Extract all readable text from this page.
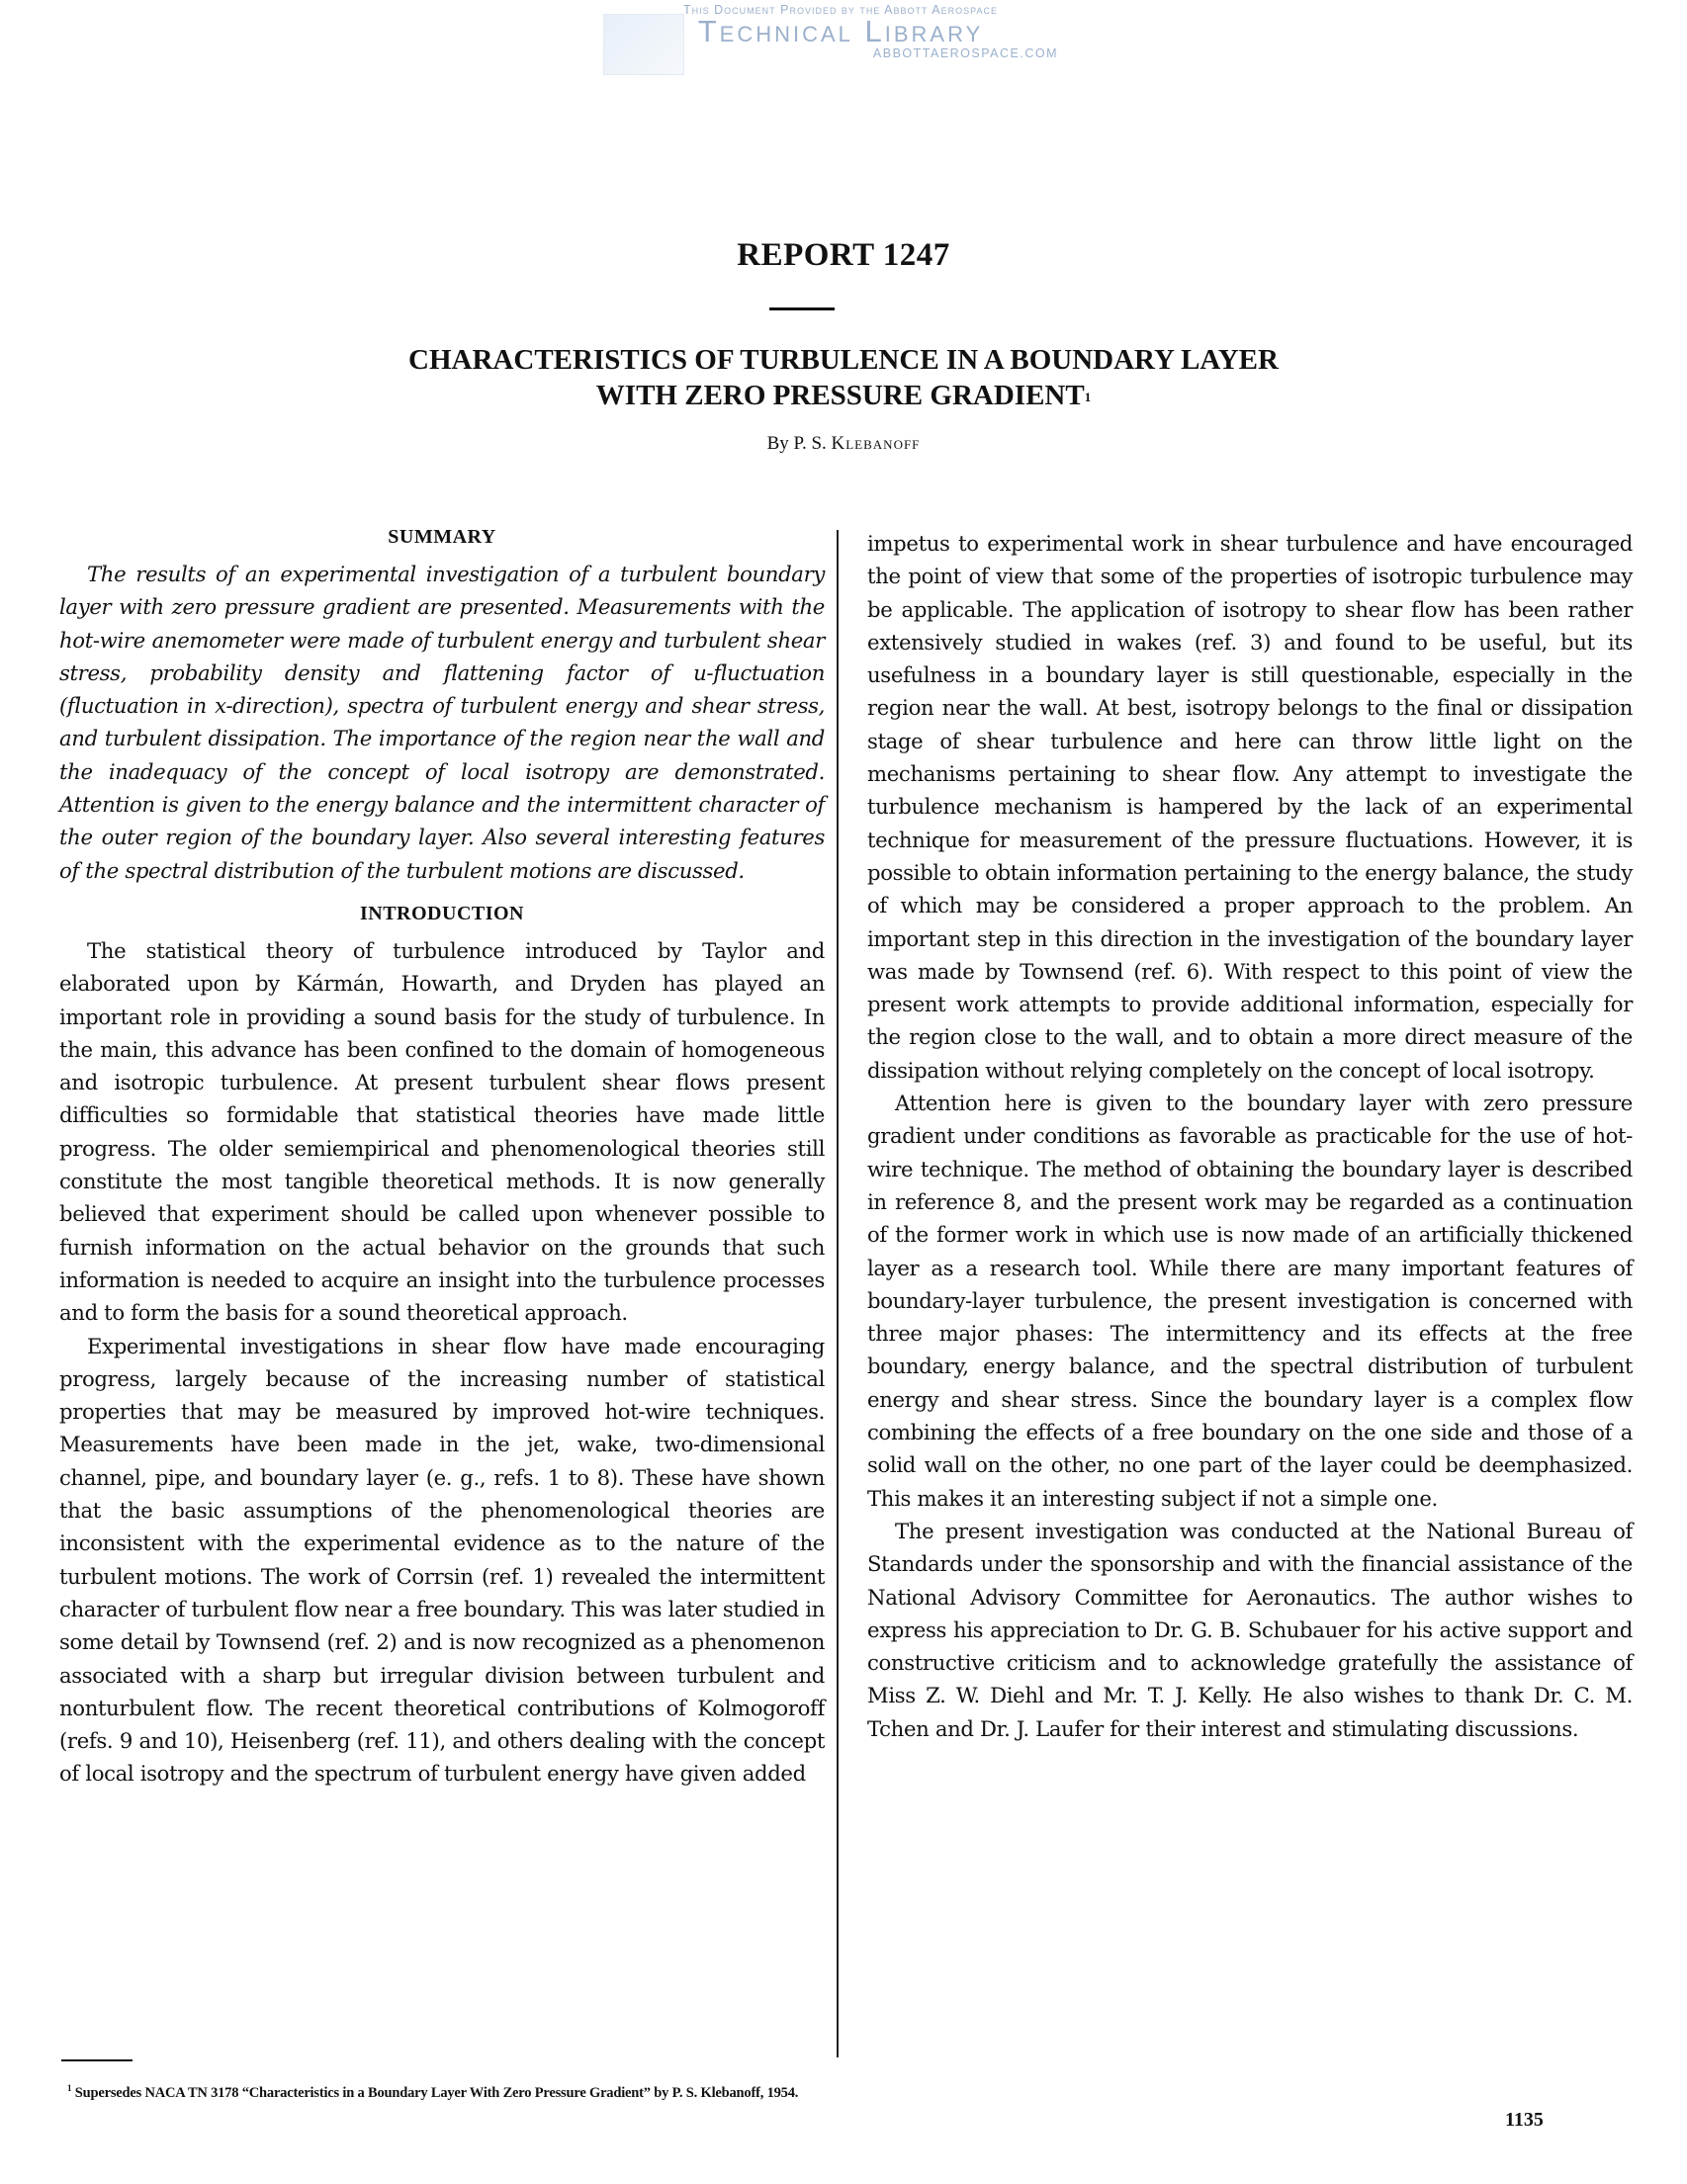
This Document Provided by the Abbott Aerospace
Technical Library
ABBOTTAEROSPACE.COM
REPORT 1247
CHARACTERISTICS OF TURBULENCE IN A BOUNDARY LAYER
WITH ZERO PRESSURE GRADIENT$^1$
By P. S. Klebanoff
SUMMARY

The results of an experimental investigation of a turbulent boundary layer with zero pressure gradient are presented. Measurements with the hot-wire anemometer were made of turbulent energy and turbulent shear stress, probability density and flattening factor of u-fluctuation (fluctuation in x-direction), spectra of turbulent energy and shear stress, and turbulent dissipation. The importance of the region near the wall and the inadequacy of the concept of local isotropy are demonstrated. Attention is given to the energy balance and the intermittent character of the outer region of the boundary layer. Also several interesting features of the spectral distribution of the turbulent motions are discussed.

INTRODUCTION

The statistical theory of turbulence introduced by Taylor and elaborated upon by Kármán, Howarth, and Dryden has played an important role in providing a sound basis for the study of turbulence. In the main, this advance has been confined to the domain of homogeneous and isotropic turbulence. At present turbulent shear flows present difficulties so formidable that statistical theories have made little progress. The older semiempirical and phenomenological theories still constitute the most tangible theoretical methods. It is now generally believed that experiment should be called upon whenever possible to furnish information on the actual behavior on the grounds that such information is needed to acquire an insight into the turbulence processes and to form the basis for a sound theoretical approach.

Experimental investigations in shear flow have made encouraging progress, largely because of the increasing number of statistical properties that may be measured by improved hot-wire techniques. Measurements have been made in the jet, wake, two-dimensional channel, pipe, and boundary layer (e. g., refs. 1 to 8). These have shown that the basic assumptions of the phenomenological theories are inconsistent with the experimental evidence as to the nature of the turbulent motions. The work of Corrsin (ref. 1) revealed the intermittent character of turbulent flow near a free boundary. This was later studied in some detail by Townsend (ref. 2) and is now recognized as a phenomenon associated with a sharp but irregular division between turbulent and nonturbulent flow. The recent theoretical contributions of Kolmogoroff (refs. 9 and 10), Heisenberg (ref. 11), and others dealing with the concept of local isotropy and the spectrum of turbulent energy have given added

impetus to experimental work in shear turbulence and have encouraged the point of view that some of the properties of isotropic turbulence may be applicable. The application of isotropy to shear flow has been rather extensively studied in wakes (ref. 3) and found to be useful, but its usefulness in a boundary layer is still questionable, especially in the region near the wall. At best, isotropy belongs to the final or dissipation stage of shear turbulence and here can throw little light on the mechanisms pertaining to shear flow. Any attempt to investigate the turbulence mechanism is hampered by the lack of an experimental technique for measurement of the pressure fluctuations. However, it is possible to obtain information pertaining to the energy balance, the study of which may be considered a proper approach to the problem. An important step in this direction in the investigation of the boundary layer was made by Townsend (ref. 6). With respect to this point of view the present work attempts to provide additional information, especially for the region close to the wall, and to obtain a more direct measure of the dissipation without relying completely on the concept of local isotropy.

Attention here is given to the boundary layer with zero pressure gradient under conditions as favorable as practicable for the use of hot-wire technique. The method of obtaining the boundary layer is described in reference 8, and the present work may be regarded as a continuation of the former work in which use is now made of an artificially thickened layer as a research tool. While there are many important features of boundary-layer turbulence, the present investigation is concerned with three major phases: The intermittency and its effects at the free boundary, energy balance, and the spectral distribution of turbulent energy and shear stress. Since the boundary layer is a complex flow combining the effects of a free boundary on the one side and those of a solid wall on the other, no one part of the layer could be deemphasized. This makes it an interesting subject if not a simple one.

The present investigation was conducted at the National Bureau of Standards under the sponsorship and with the financial assistance of the National Advisory Committee for Aeronautics. The author wishes to express his appreciation to Dr. G. B. Schubauer for his active support and constructive criticism and to acknowledge gratefully the assistance of Miss Z. W. Diehl and Mr. T. J. Kelly. He also wishes to thank Dr. C. M. Tchen and Dr. J. Laufer for their interest and stimulating discussions.

$^1$ Supersedes NACA TN 3178 “Characteristics in a Boundary Layer With Zero Pressure Gradient” by P. S. Klebanoff, 1954.
1135
